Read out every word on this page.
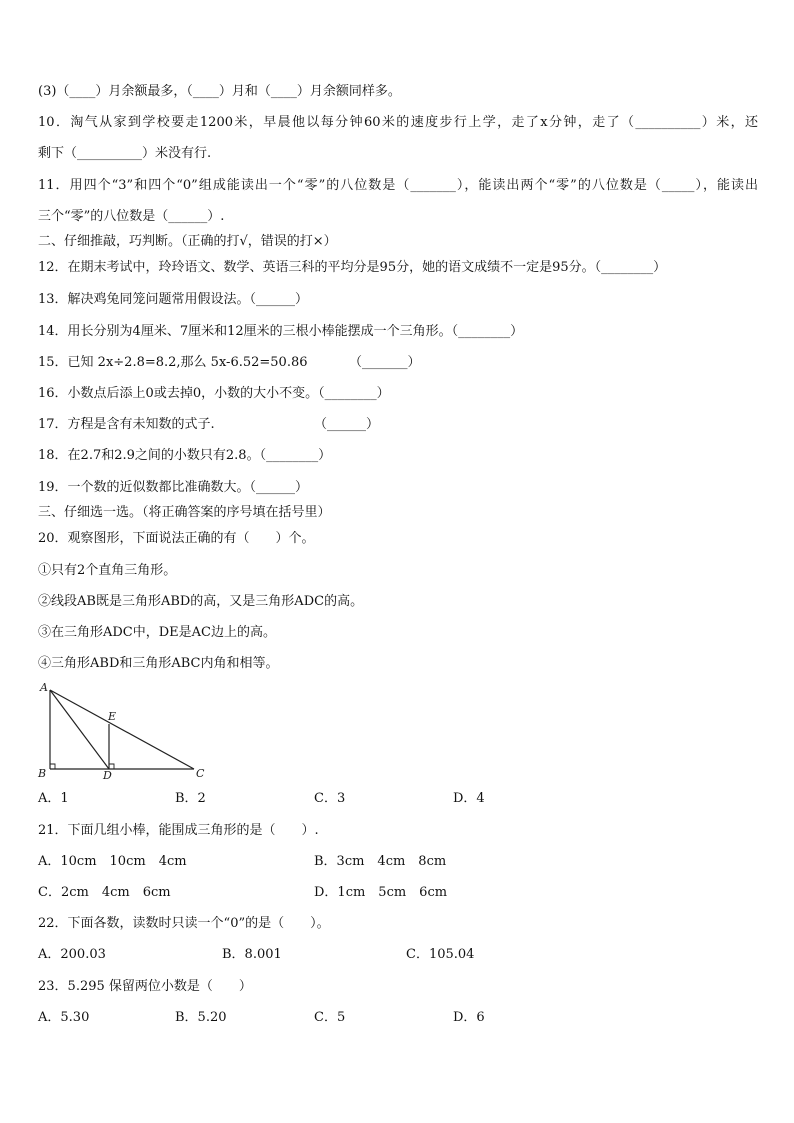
(3)（____）月余额最多，（____）月和（____）月余额同样多。
10．淘气从家到学校要走1200米，早晨他以每分钟60米的速度步行上学，走了x分钟，走了（__________）米，还
剩下（__________）米没有行.
11．用四个“3”和四个“0”组成能读出一个“零”的八位数是（_______），能读出两个“零”的八位数是（_____），能读出
三个“零”的八位数是（______）.
二、仔细推敲，巧判断。（正确的打√，错误的打×）
12．在期末考试中，玲玲语文、数学、英语三科的平均分是95分，她的语文成绩不一定是95分。（________）
13．解决鸡兔同笼问题常用假设法。（______）
14．用长分别为4厘米、7厘米和12厘米的三根小棒能摆成一个三角形。（________）
15．已知 2x÷2.8=8.2,那么 5x-6.52=50.86	（_______）
16．小数点后添上0或去掉0，小数的大小不变。（________）
17．方程是含有未知数的式子.	（______）
18．在2.7和2.9之间的小数只有2.8。（________）
19．一个数的近似数都比准确数大。（______）
三、仔细选一选。（将正确答案的序号填在括号里）
20．观察图形，下面说法正确的有（　　）个。
①只有2个直角三角形。
②线段AB既是三角形ABD的高，又是三角形ADC的高。
③在三角形ADC中，DE是AC边上的高。
④三角形ABD和三角形ABC内角和相等。
A
B	C
D
E
A．1	B．2	C．3	D．4
21．下面几组小棒，能围成三角形的是（　　）.
A．10cm　10cm　4cm	B．3cm　4cm　8cm
C．2cm　4cm　6cm	D．1cm　5cm　6cm
22．下面各数，读数时只读一个“0”的是（　　）。
A．200.03	B．8.001	C．105.04
23．5.295 保留两位小数是（　　）
A．5.30	B．5.20	C．5	D．6
